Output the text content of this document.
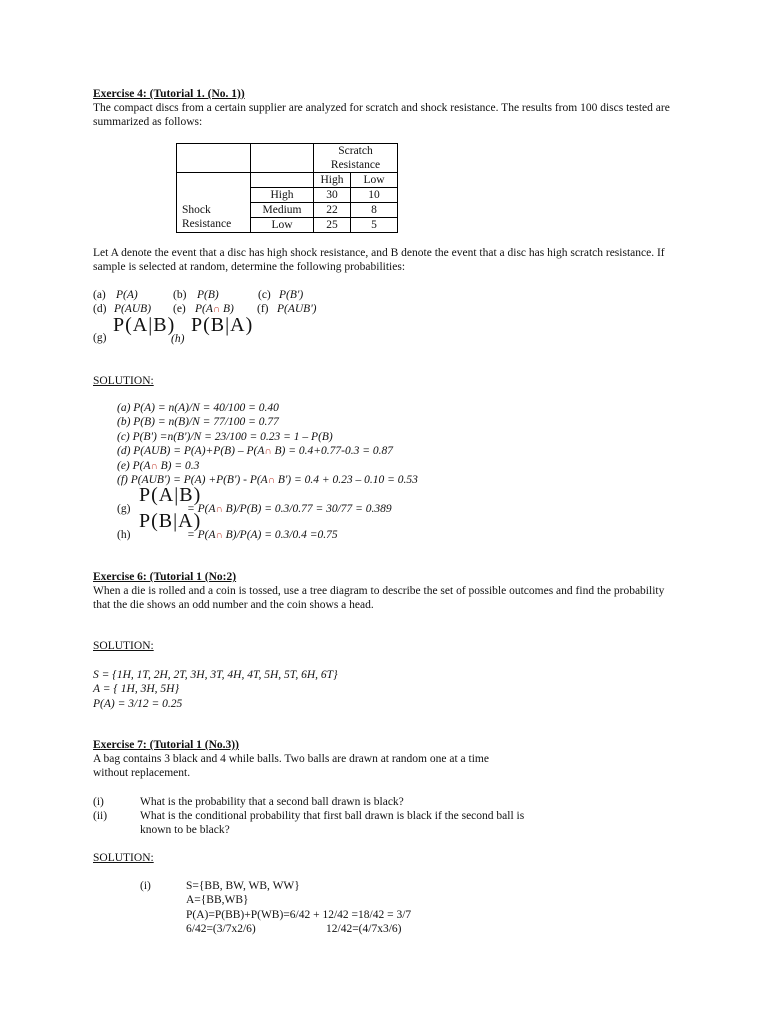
Exercise 4: (Tutorial 1. (No. 1))

The compact discs from a certain supplier are analyzed for scratch and shock resistance. The results from 100 discs tested are summarized as follows:

		Scratch
Resistance	

Shock
Resistance		High	Low
	High	30	10
	Medium	22	8
	Low	25	5

Let A denote the event that a disc has high shock resistance, and B denote the event that a disc has high scratch resistance. If sample is selected at random, determine the following probabilities:

(a) P(A)	(b) P(B)	(c) P(B')
(d) P(AUB) (e) P(A∩ B) (f) P(AUB')
(g)
P(A|B)
(h)
P(B|A)
SOLUTION:
(a) P(A) = n(A)/N = 40/100 = 0.40
(b) P(B) = n(B)/N = 77/100 = 0.77
(c) P(B') =n(B')/N = 23/100 = 0.23 = 1 – P(B)
(d) P(AUB) = P(A)+P(B) – P(A∩ B) = 0.4+0.77-0.3 = 0.87
(e) P(A∩ B) = 0.3
(f) P(AUB') = P(A) +P(B') - P(A∩ B') = 0.4 + 0.23 – 0.10 = 0.53
(g)
P(A|B)
= P(A∩ B)/P(B) = 0.3/0.77 = 30/77 = 0.389
(h)
P(B|A)
= P(A∩ B)/P(A) = 0.3/0.4 =0.75
Exercise 6: (Tutorial 1 (No:2)

When a die is rolled and a coin is tossed, use a tree diagram to describe the set of possible outcomes and find the probability that the die shows an odd number and the coin shows a head.

SOLUTION:
S = {1H, 1T, 2H, 2T, 3H, 3T, 4H, 4T, 5H, 5T, 6H, 6T}
A = { 1H, 3H, 5H}
P(A) = 3/12 = 0.25
Exercise 7: (Tutorial 1 (No.3))
A bag contains 3 black and 4 while balls. Two balls are drawn at random one at a time
without replacement.
(i)	What is the probability that a second ball drawn is black?
(ii)	What is the conditional probability that first ball drawn is black if the second ball is
known to be black?
SOLUTION:
(i)	S={BB, BW, WB, WW}
A={BB,WB}
P(A)=P(BB)+P(WB)=6/42 + 12/42 =18/42 = 3/7
6/42=(3/7x2/6)	12/42=(4/7x3/6)
